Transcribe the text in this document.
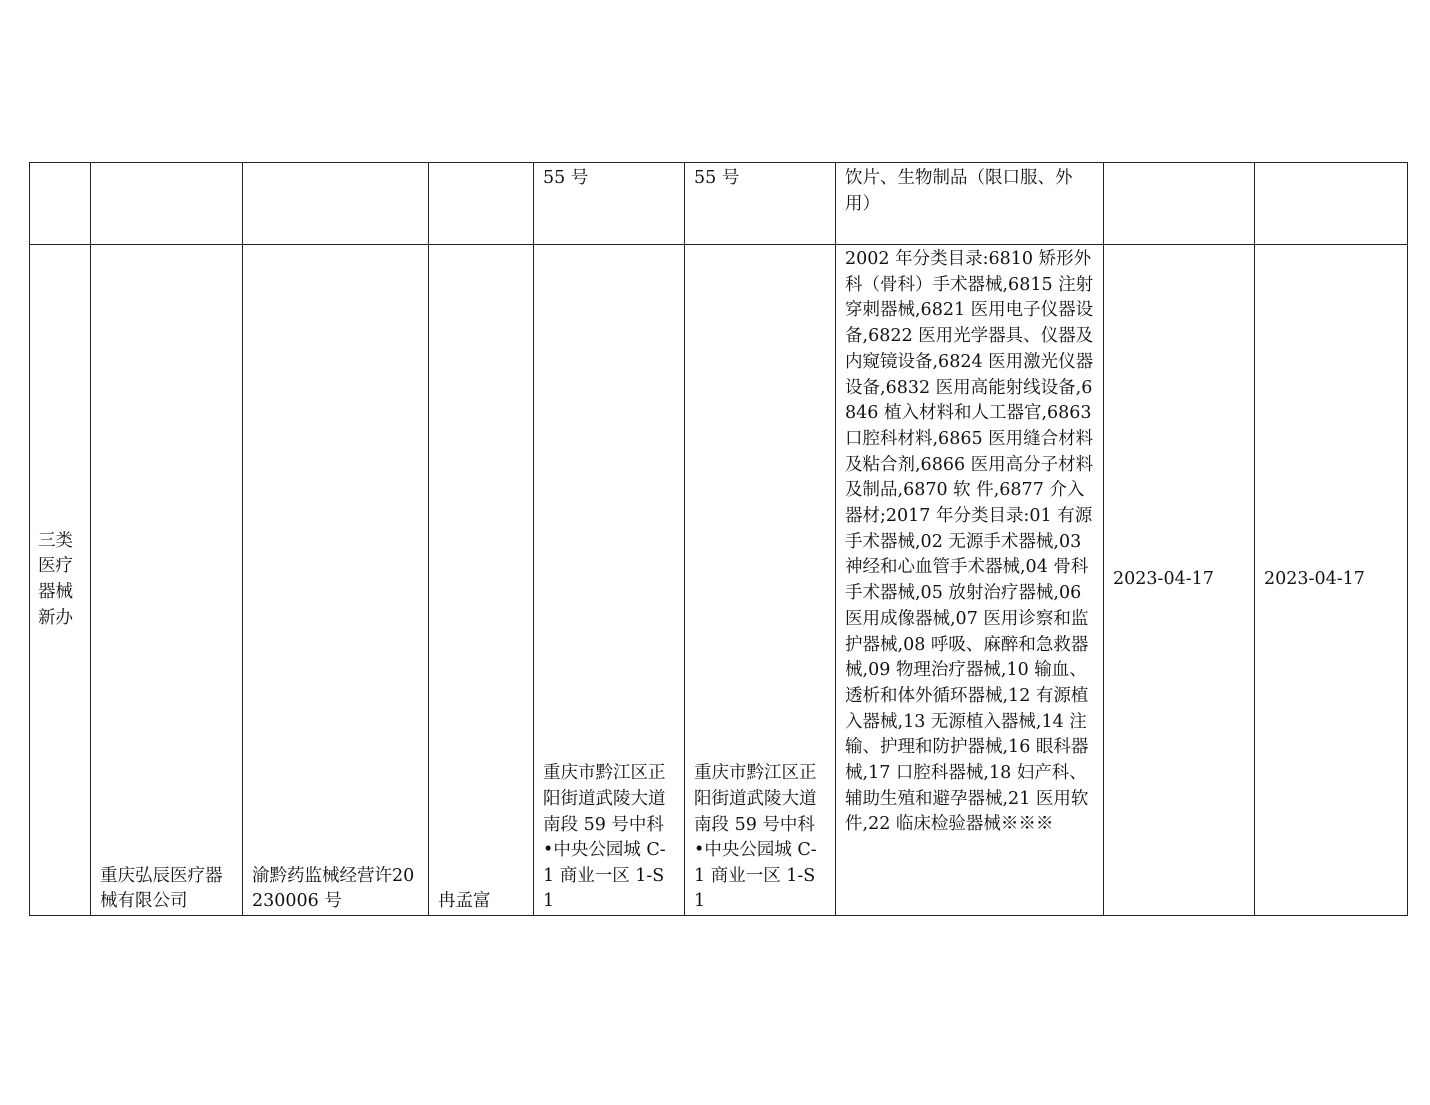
				55 号	55 号	饮片、生物制品（限口服、外用）		
三类医疗器械新办	重庆弘辰医疗器械有限公司	渝黔药监械经营许20230006 号	冉孟富	重庆市黔江区正阳街道武陵大道南段 59 号中科 •中央公园城 C-1 商业一区 1-S1	重庆市黔江区正阳街道武陵大道南段 59 号中科 •中央公园城 C-1 商业一区 1-S1	2002 年分类目录:6810 矫形外科（骨科）手术器械,6815 注射穿刺器械,6821 医用电子仪器设备,6822 医用光学器具、仪器及内窥镜设备,6824 医用激光仪器设备,6832 医用高能射线设备,6846 植入材料和人工器官,6863 口腔科材料,6865 医用缝合材料及粘合剂,6866 医用高分子材料及制品,6870 软 件,6877 介入器材;2017 年分类目录:01 有源手术器械,02 无源手术器械,03 神经和心血管手术器械,04 骨科手术器械,05 放射治疗器械,06 医用成像器械,07 医用诊察和监护器械,08 呼吸、麻醉和急救器械,09 物理治疗器械,10 输血、透析和体外循环器械,12 有源植入器械,13 无源植入器械,14 注输、护理和防护器械,16 眼科器械,17 口腔科器械,18 妇产科、辅助生殖和避孕器械,21 医用软件,22 临床检验器械※※※	2023-04-17	2023-04-17
